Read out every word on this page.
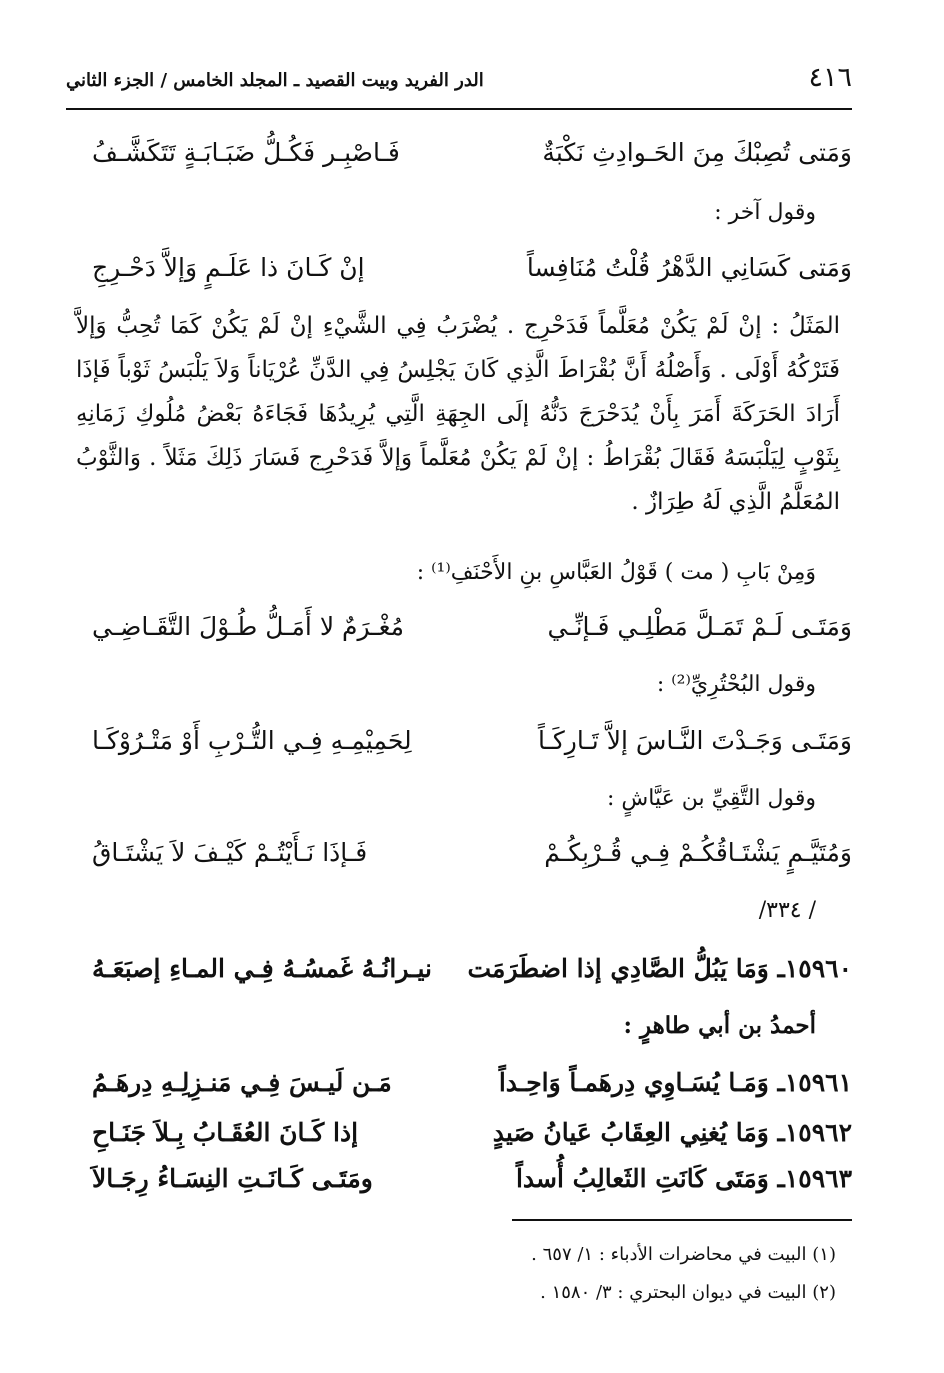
٤١٦
الدر الفريد وبيت القصيد ـ المجلد الخامس / الجزء الثاني
وَمَتى تُصِبْكَ مِنَ الحَـوادِثِ نَكْبَةٌ
فَـاصْبِـر فَكُـلُّ ضَبَـابَـةٍ تَتَكَشَّـفُ
وقول آخر :
وَمَتى كَسَانِي الدَّهْرُ قُلْتُ مُنَافِساً
إنْ كَـانَ ذا عَلَـمٍ وَإلاَّ دَحْـرِجِ
المَثَلُ : إنْ لَمْ يَكُنْ مُعَلَّماً فَدَحْرِج . يُضْرَبُ فِي الشَّيْءِ إنْ لَمْ يَكُنْ كَمَا تُحِبُّ وَإلاَّ فَتَرْكُهُ أَوْلَى . وَأَصْلُهُ أَنَّ بُقْرَاطَ الَّذِي كَانَ يَجْلِسُ فِي الدَّنِّ عُرْيَاناً وَلاَ يَلْبَسُ ثَوْباً فَإذَا أَرَادَ الحَرَكَةَ أَمَرَ بِأَنْ يُدَحْرَجَ دَنُّهُ إلَى الجِهَةِ الَّتِي يُرِيدُهَا فَجَاءَهُ بَعْضُ مُلُوكِ زَمَانِهِ بِثَوْبٍ لِيَلْبَسَهُ فَقَالَ بُقْرَاطُ : إنْ لَمْ يَكُنْ مُعَلَّماً وَإلاَّ فَدَحْرِج فَسَارَ ذَلِكَ مَثَلاً . وَالثَّوْبُ المُعَلَّمُ الَّذِي لَهُ طِرَازٌ .
وَمِنْ بَابِ ( مت ) قَوْلُ العَبَّاسِ بنِ الأَحْنَفِ⁽¹⁾ :
وَمَتَـى لَـمْ تَمَـلَّ مَطْلِـي فَـإنِّـي
مُغْـرَمٌ لا أَمَـلُّ طُـوْلَ التَّقَـاضِـي
وقول البُحْتُرِيِّ⁽²⁾ :
وَمَتَـى وَجَـدْتَ النَّـاسَ إلاَّ تَـارِكَـاً
لِحَمِيْمِـهِ فِـي التُّـرْبِ أَوْ مَتْـرُوْكَـا
وقول التَّقِيِّ بن عَيَّاشٍ :
وَمُتَيَّـمٍ يَشْتَـاقُكُـمْ فِـي قُـرْبِكُـمْ
فَـإذَا نَـأَيْتُـمْ كَيْـفَ لاَ يَشْتَـاقُ
/ ٣٣٤/
١٥٩٦٠ـ وَمَا يَبُلُّ الصَّادِي إذا اضطَرَمَت
نيـرانُـهُ غَمسُـهُ فِـي المـاءِ إصبَعَـهُ
أحمدُ بن أبي طاهرٍ :
١٥٩٦١ـ وَمَـا يُسَـاوِي دِرهَمـاً وَاحِـداً
مَـن لَيـسَ فِـي مَنـزِلِـهِ دِرهَـمُ
١٥٩٦٢ـ وَمَا يُغنِي العِقَابُ عَيانُ صَيدٍ
إذا كَـانَ العُقَـابُ بِـلاَ جَنَـاحِ
١٥٩٦٣ـ وَمَتَى كَانَتِ الثَعالِبُ أُسداً
ومَتَـى كَـانَـتِ النِسَـاءُ رِجَـالاَ
(١) البيت في محاضرات الأدباء : ١/ ٦٥٧ .
(٢) البيت في ديوان البحتري : ٣/ ١٥٨٠ .
